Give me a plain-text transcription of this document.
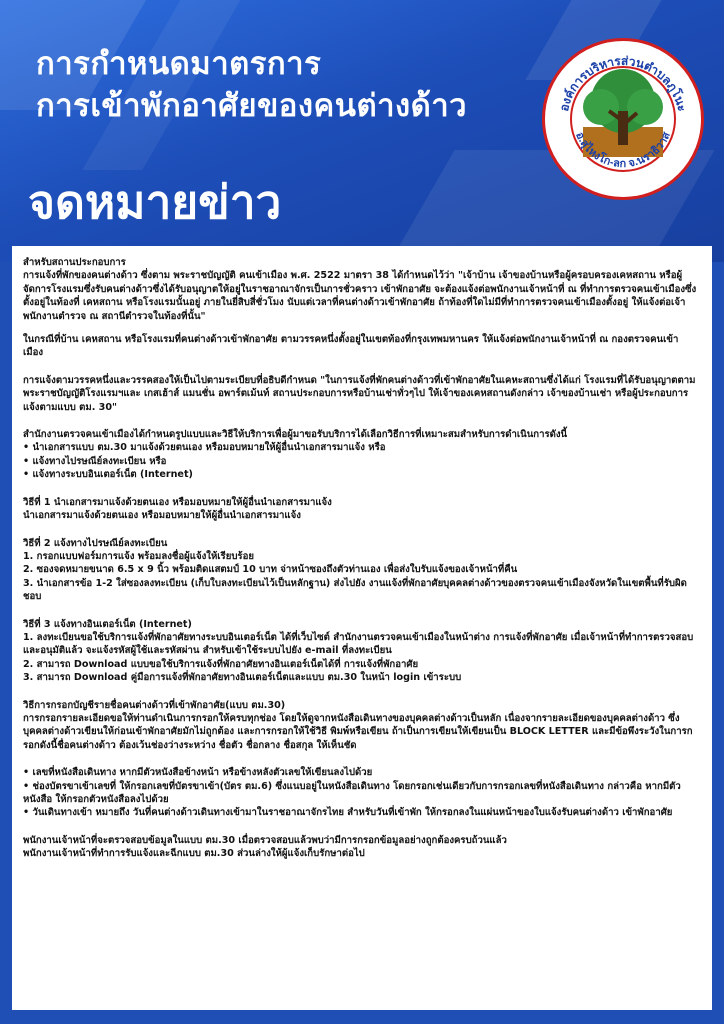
การกำหนดมาตรการ
การเข้าพักอาศัยของคนต่างด้าว
จดหมายข่าว
องค์การบริหารส่วนตำบลภูโนะ
อ.สุไหงโก-ลก จ.นราธิวาส

สำหรับสถานประกอบการ
การแจ้งที่พักของคนต่างด้าว ซึ่งตาม พระราชบัญญัติ คนเข้าเมือง พ.ศ. 2522 มาตรา 38 ได้กำหนดไว้ว่า "เจ้าบ้าน เจ้าของบ้านหรือผู้ครอบครองเคหสถาน หรือผู้จัดการโรงแรมซึ่งรับคนต่างด้าวซึ่งได้รับอนุญาตให้อยู่ในราชอาณาจักรเป็นการชั่วคราว เข้าพักอาศัย จะต้องแจ้งต่อพนักงานเจ้าหน้าที่ ณ ที่ทำการตรวจคนเข้าเมืองซึ่งตั้งอยู่ในท้องที่ เคหสถาน หรือโรงแรมนั้นอยู่ ภายในยี่สิบสี่ชั่วโมง นับแต่เวลาที่คนต่างด้าวเข้าพักอาศัย ถ้าท้องที่ใดไม่มีที่ทำการตรวจคนเข้าเมืองตั้งอยู่ ให้แจ้งต่อเจ้าพนักงานตำรวจ ณ สถานีตำรวจในท้องที่นั้น"

ในกรณีที่บ้าน เคหสถาน หรือโรงแรมที่คนต่างด้าวเข้าพักอาศัย ตามวรรคหนึ่งตั้งอยู่ในเขตท้องที่กรุงเทพมหานคร ให้แจ้งต่อพนักงานเจ้าหน้าที่ ณ กองตรวจคนเข้าเมือง

การแจ้งตามวรรคหนึ่งและวรรคสองให้เป็นไปตามระเบียบที่อธิบดีกำหนด "ในการแจ้งที่พักคนต่างด้าวที่เข้าพักอาศัยในเคหะสถานซึ่งได้แก่ โรงแรมที่ได้รับอนุญาตตาม พระราชบัญญัติโรงแรมฯและ เกสเฮ้าส์ แมนชั่น อพาร์ตเม้นท์ สถานประกอบการหรือบ้านเช่าทั่วๆไป ให้เจ้าของเคหสถานดังกล่าว เจ้าของบ้านเช่า หรือผู้ประกอบการแจ้งตามแบบ ตม. 30"

สำนักงานตรวจคนเข้าเมืองได้กำหนดรูปแบบและวิธีให้บริการเพื่อผู้มาขอรับบริการได้เลือกวิธีการที่เหมาะสมสำหรับการดำเนินการดังนี้
• นำเอกสารแบบ ตม.30 มาแจ้งด้วยตนเอง หรือมอบหมายให้ผู้อื่นนำเอกสารมาแจ้ง หรือ
• แจ้งทางไปรษณีย์ลงทะเบียน หรือ
• แจ้งทางระบบอินเตอร์เน็ต (Internet)

วิธีที่ 1 นำเอกสารมาแจ้งด้วยตนเอง หรือมอบหมายให้ผู้อื่นนำเอกสารมาแจ้ง
นำเอกสารมาแจ้งด้วยตนเอง หรือมอบหมายให้ผู้อื่นนำเอกสารมาแจ้ง

วิธีที่ 2 แจ้งทางไปรษณีย์ลงทะเบียน
1. กรอกแบบฟอร์มการแจ้ง พร้อมลงชื่อผู้แจ้งให้เรียบร้อย
2. ซองจดหมายขนาด 6.5 x 9 นิ้ว พร้อมติดแสตมป์ 10 บาท จ่าหน้าซองถึงตัวท่านเอง เพื่อส่งใบรับแจ้งของเจ้าหน้าที่คืน
3. นำเอกสารข้อ 1-2 ใส่ซองลงทะเบียน (เก็บใบลงทะเบียนไว้เป็นหลักฐาน) ส่งไปยัง งานแจ้งที่พักอาศัยบุคคลต่างด้าวของตรวจคนเข้าเมืองจังหวัดในเขตพื้นที่รับผิดชอบ

วิธีที่ 3 แจ้งทางอินเตอร์เน็ต (Internet)
1. ลงทะเบียนขอใช้บริการแจ้งที่พักอาศัยทางระบบอินเตอร์เน็ต ได้ที่เว็บไซต์ สำนักงานตรวจคนเข้าเมืองในหน้าต่าง การแจ้งที่พักอาศัย เมื่อเจ้าหน้าที่ทำการตรวจสอบและอนุมัติแล้ว จะแจ้งรหัสผู้ใช้และรหัสผ่าน สำหรับเข้าใช้ระบบไปยัง e-mail ที่ลงทะเบียน
2. สามารถ Download แบบขอใช้บริการแจ้งที่พักอาศัยทางอินเตอร์เน็ตได้ที่ การแจ้งที่พักอาศัย
3. สามารถ Download คู่มือการแจ้งที่พักอาศัยทางอินเตอร์เน็ตและแบบ ตม.30 ในหน้า login เข้าระบบ

วิธีการกรอกบัญชีรายชื่อคนต่างด้าวที่เข้าพักอาศัย(แบบ ตม.30)
การกรอกรายละเอียดขอให้ท่านดำเนินการกรอกให้ครบทุกช่อง โดยให้ดูจากหนังสือเดินทางของบุคคลต่างด้าวเป็นหลัก เนื่องจากรายละเอียดของบุคคลต่างด้าว ซึ่งบุคคลต่างด้าวเขียนให้ก่อนเข้าพักอาศัยมักไม่ถูกต้อง และการกรอกให้ใช้วิธี พิมพ์หรือเขียน ถ้าเป็นการเขียนให้เขียนเป็น BLOCK LETTER และมีข้อพึงระวังในการกรอกดังนี้ชื่อคนต่างด้าว ต้องเว้นช่องว่างระหว่าง ชื่อตัว ชื่อกลาง ชื่อสกุล ให้เห็นชัด

• เลขที่หนังสือเดินทาง หากมีตัวหนังสือข้างหน้า หรือข้างหลังตัวเลขให้เขียนลงไปด้วย
• ช่องบัตรขาเข้าเลขที่ ให้กรอกเลขที่บัตรขาเข้า(บัตร ตม.6) ซึ่งแนบอยู่ในหนังสือเดินทาง โดยกรอกเช่นเดียวกับการกรอกเลขที่หนังสือเดินทาง กล่าวคือ หากมีตัวหนังสือ ให้กรอกตัวหนังสือลงไปด้วย
• วันเดินทางเข้า หมายถึง วันที่คนต่างด้าวเดินทางเข้ามาในราชอาณาจักรไทย สำหรับวันที่เข้าพัก ให้กรอกลงในแผ่นหน้าของใบแจ้งรับคนต่างด้าว เข้าพักอาศัย

พนักงานเจ้าหน้าที่จะตรวจสอบข้อมูลในแบบ ตม.30 เมื่อตรวจสอบแล้วพบว่ามีการกรอกข้อมูลอย่างถูกต้องครบถ้วนแล้ว
พนักงานเจ้าหน้าที่ทำการรับแจ้งและฉีกแบบ ตม.30 ส่วนล่างให้ผู้แจ้งเก็บรักษาต่อไป
